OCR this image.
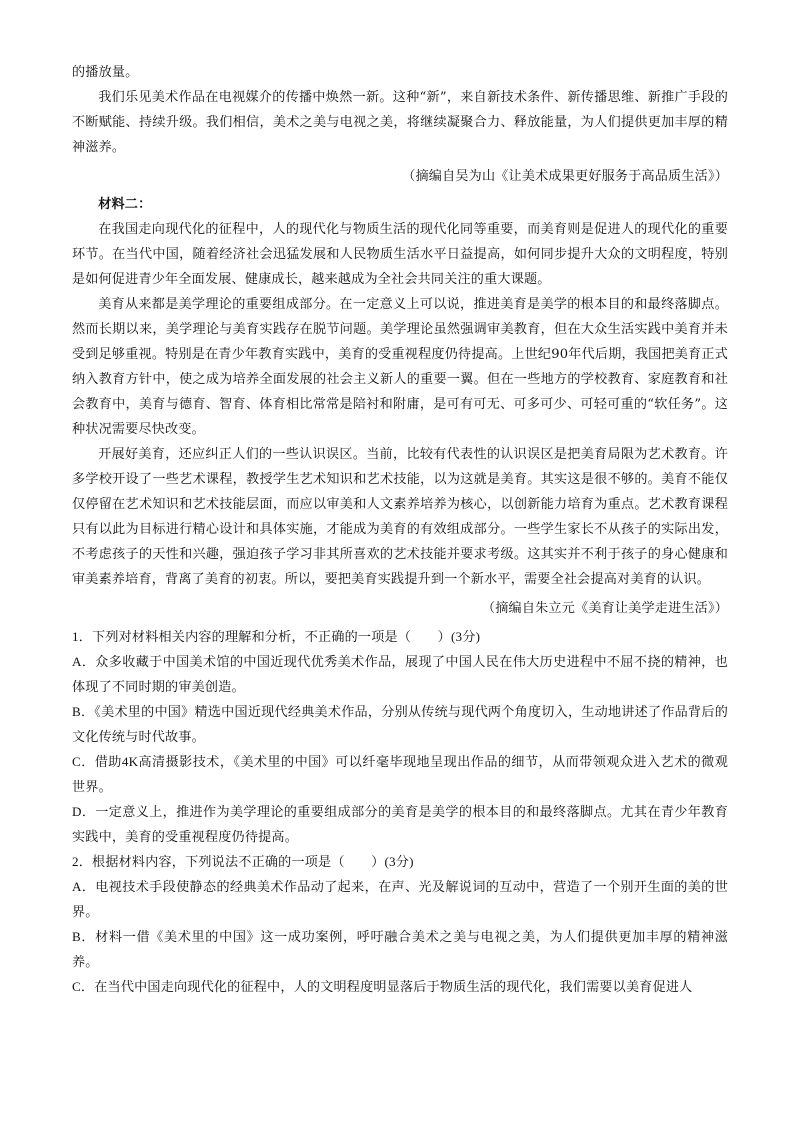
的播放量。

我们乐见美术作品在电视媒介的传播中焕然一新。这种“新”，来自新技术条件、新传播思维、新推广手段的不断赋能、持续升级。我们相信，美术之美与电视之美，将继续凝聚合力、释放能量，为人们提供更加丰厚的精神滋养。

（摘编自吴为山《让美术成果更好服务于高品质生活》）

材料二：

在我国走向现代化的征程中，人的现代化与物质生活的现代化同等重要，而美育则是促进人的现代化的重要环节。在当代中国，随着经济社会迅猛发展和人民物质生活水平日益提高，如何同步提升大众的文明程度，特别是如何促进青少年全面发展、健康成长，越来越成为全社会共同关注的重大课题。

美育从来都是美学理论的重要组成部分。在一定意义上可以说，推进美育是美学的根本目的和最终落脚点。然而长期以来，美学理论与美育实践存在脱节问题。美学理论虽然强调审美教育，但在大众生活实践中美育并未受到足够重视。特别是在青少年教育实践中，美育的受重视程度仍待提高。上世纪90年代后期，我国把美育正式纳入教育方针中，使之成为培养全面发展的社会主义新人的重要一翼。但在一些地方的学校教育、家庭教育和社会教育中，美育与德育、智育、体育相比常常是陪衬和附庸，是可有可无、可多可少、可轻可重的“软任务”。这种状况需要尽快改变。

开展好美育，还应纠正人们的一些认识误区。当前，比较有代表性的认识误区是把美育局限为艺术教育。许多学校开设了一些艺术课程，教授学生艺术知识和艺术技能，以为这就是美育。其实这是很不够的。美育不能仅仅停留在艺术知识和艺术技能层面，而应以审美和人文素养培养为核心，以创新能力培育为重点。艺术教育课程只有以此为目标进行精心设计和具体实施，才能成为美育的有效组成部分。一些学生家长不从孩子的实际出发，不考虑孩子的天性和兴趣，强迫孩子学习非其所喜欢的艺术技能并要求考级。这其实并不利于孩子的身心健康和审美素养培育，背离了美育的初衷。所以，要把美育实践提升到一个新水平，需要全社会提高对美育的认识。

（摘编自朱立元《美育让美学走进生活》）

1．下列对材料相关内容的理解和分析，不正确的一项是（　　）(3分)

A．众多收藏于中国美术馆的中国近现代优秀美术作品，展现了中国人民在伟大历史进程中不屈不挠的精神，也体现了不同时期的审美创造。

B．《美术里的中国》精选中国近现代经典美术作品，分别从传统与现代两个角度切入，生动地讲述了作品背后的文化传统与时代故事。

C．借助4K高清摄影技术，《美术里的中国》可以纤毫毕现地呈现出作品的细节，从而带领观众进入艺术的微观世界。

D．一定意义上，推进作为美学理论的重要组成部分的美育是美学的根本目的和最终落脚点。尤其在青少年教育实践中，美育的受重视程度仍待提高。

2．根据材料内容，下列说法不正确的一项是（　　）(3分)

A．电视技术手段使静态的经典美术作品动了起来，在声、光及解说词的互动中，营造了一个别开生面的美的世界。

B．材料一借《美术里的中国》这一成功案例，呼吁融合美术之美与电视之美，为人们提供更加丰厚的精神滋养。

C．在当代中国走向现代化的征程中，人的文明程度明显落后于物质生活的现代化，我们需要以美育促进人
